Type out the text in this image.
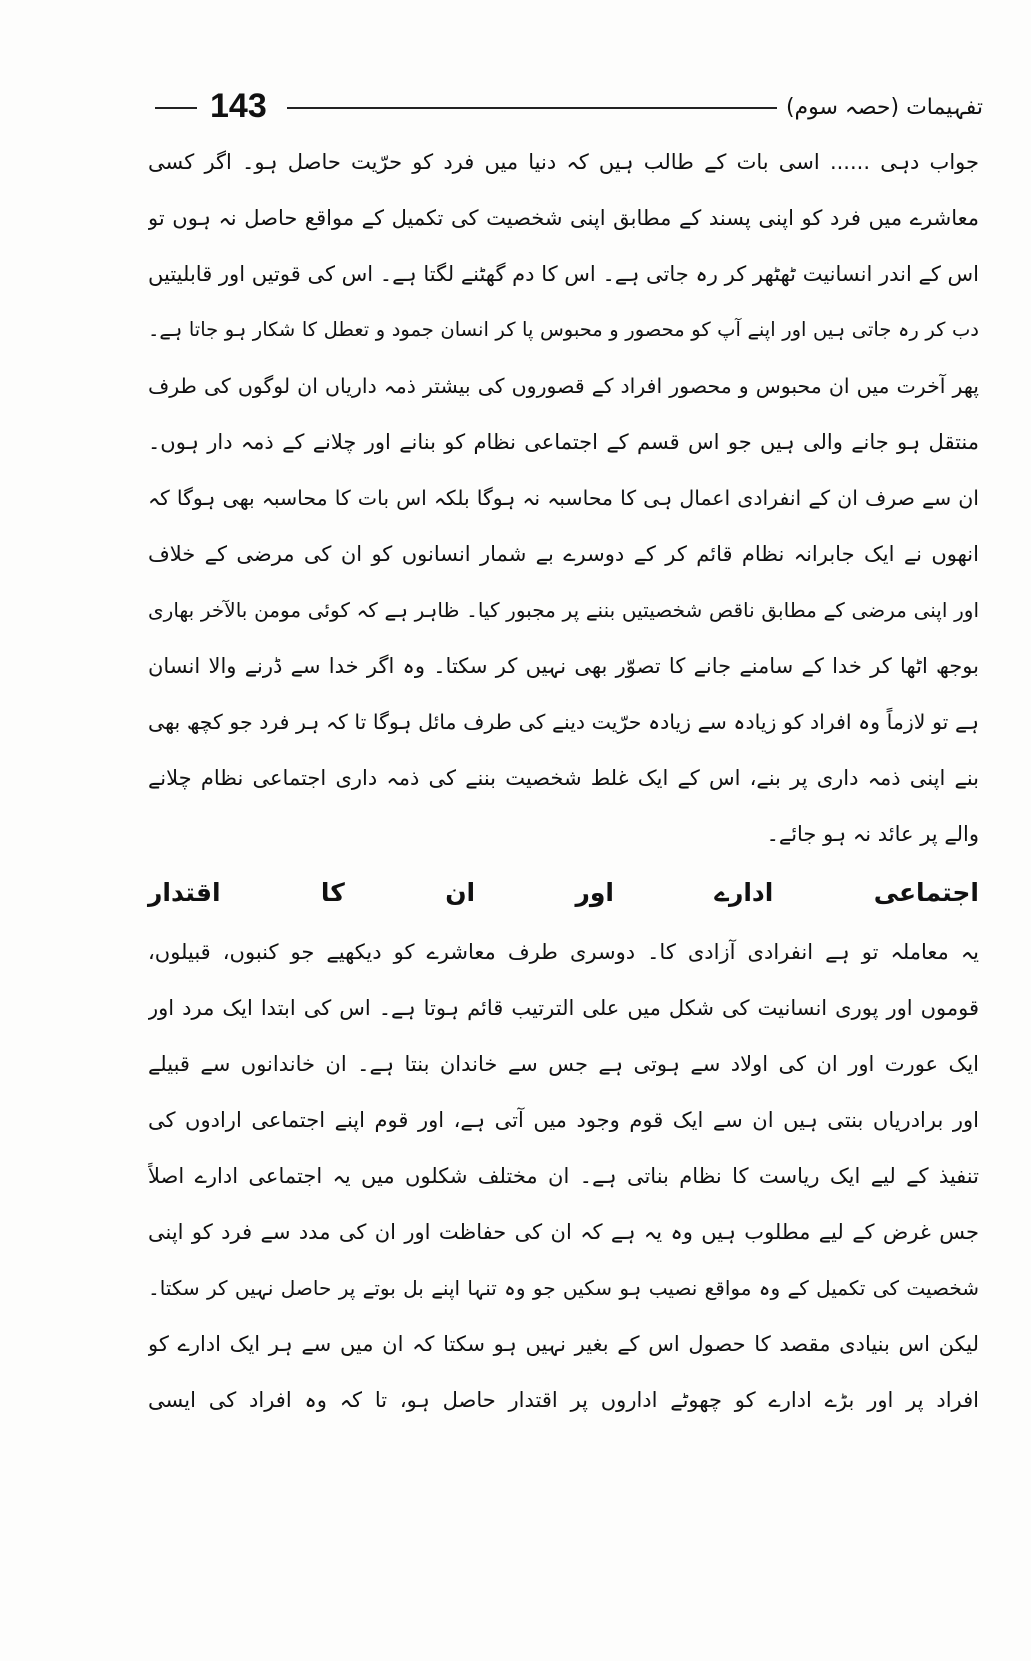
143	تفہیمات (حصہ سوم)
جواب دہی ...... اسی بات کے طالب ہیں کہ دنیا میں فرد کو حرّیت حاصل ہو۔ اگر کسی
معاشرے میں فرد کو اپنی پسند کے مطابق اپنی شخصیت کی تکمیل کے مواقع حاصل نہ ہوں تو
اس کے اندر انسانیت ٹھٹھر کر رہ جاتی ہے۔ اس کا دم گھٹنے لگتا ہے۔ اس کی قوتیں اور قابلیتیں
دب کر رہ جاتی ہیں اور اپنے آپ کو محصور و محبوس پا کر انسان جمود و تعطل کا شکار ہو جاتا ہے۔
پھر آخرت میں ان محبوس و محصور افراد کے قصوروں کی بیشتر ذمہ داریاں ان لوگوں کی طرف
منتقل ہو جانے والی ہیں جو اس قسم کے اجتماعی نظام کو بنانے اور چلانے کے ذمہ دار ہوں۔
ان سے صرف ان کے انفرادی اعمال ہی کا محاسبہ نہ ہوگا بلکہ اس بات کا محاسبہ بھی ہوگا کہ
انھوں نے ایک جابرانہ نظام قائم کر کے دوسرے بے شمار انسانوں کو ان کی مرضی کے خلاف
اور اپنی مرضی کے مطابق ناقص شخصیتیں بننے پر مجبور کیا۔ ظاہر ہے کہ کوئی مومن بالآخر بھاری
بوجھ اٹھا کر خدا کے سامنے جانے کا تصوّر بھی نہیں کر سکتا۔ وہ اگر خدا سے ڈرنے والا انسان
ہے تو لازماً وہ افراد کو زیادہ سے زیادہ حرّیت دینے کی طرف مائل ہوگا تا کہ ہر فرد جو کچھ بھی
بنے اپنی ذمہ داری پر بنے، اس کے ایک غلط شخصیت بننے کی ذمہ داری اجتماعی نظام چلانے
والے پر عائد نہ ہو جائے۔
اجتماعی ادارے اور ان کا اقتدار
یہ معاملہ تو ہے انفرادی آزادی کا۔ دوسری طرف معاشرے کو دیکھیے جو کنبوں، قبیلوں،
قوموں اور پوری انسانیت کی شکل میں علی الترتیب قائم ہوتا ہے۔ اس کی ابتدا ایک مرد اور
ایک عورت اور ان کی اولاد سے ہوتی ہے جس سے خاندان بنتا ہے۔ ان خاندانوں سے قبیلے
اور برادریاں بنتی ہیں ان سے ایک قوم وجود میں آتی ہے، اور قوم اپنے اجتماعی ارادوں کی
تنفیذ کے لیے ایک ریاست کا نظام بناتی ہے۔ ان مختلف شکلوں میں یہ اجتماعی ادارے اصلاً
جس غرض کے لیے مطلوب ہیں وہ یہ ہے کہ ان کی حفاظت اور ان کی مدد سے فرد کو اپنی
شخصیت کی تکمیل کے وہ مواقع نصیب ہو سکیں جو وہ تنہا اپنے بل بوتے پر حاصل نہیں کر سکتا۔
لیکن اس بنیادی مقصد کا حصول اس کے بغیر نہیں ہو سکتا کہ ان میں سے ہر ایک ادارے کو
افراد پر اور بڑے ادارے کو چھوٹے اداروں پر اقتدار حاصل ہو، تا کہ وہ افراد کی ایسی
